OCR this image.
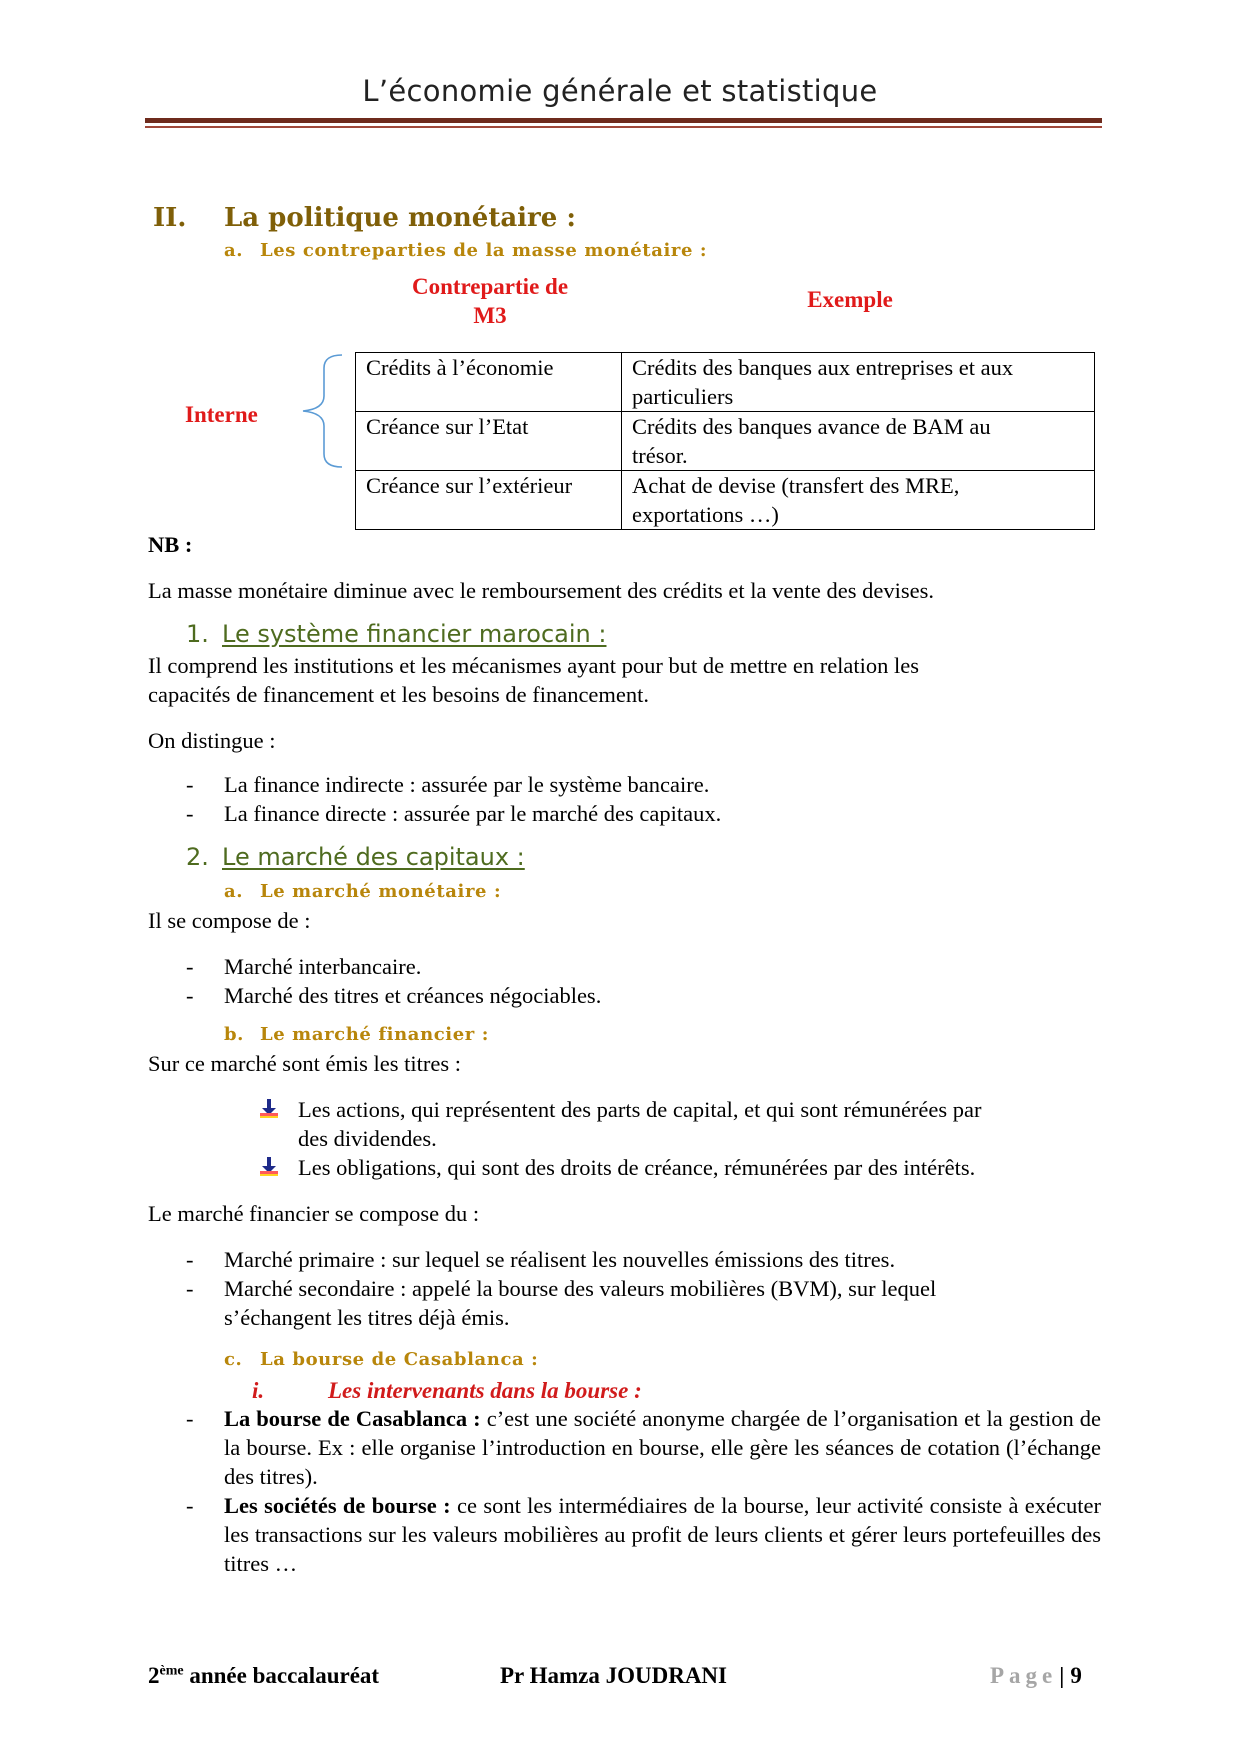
L’économie générale et statistique
II. La politique monétaire :
a. Les contreparties de la masse monétaire :
Contrepartie de
M3
Exemple
Interne
Crédits à l’économie	Crédits des banques aux entreprises et aux
particuliers
Créance sur l’Etat	Crédits des banques avance de BAM au
trésor.
Créance sur l’extérieur	Achat de devise (transfert des MRE,
exportations …)
NB :
La masse monétaire diminue avec le remboursement des crédits et la vente des devises.
1. Le système financier marocain :
Il comprend les institutions et les mécanismes ayant pour but de mettre en relation les
capacités de financement et les besoins de financement.
On distingue :
- La finance indirecte : assurée par le système bancaire.
- La finance directe : assurée par le marché des capitaux.
2. Le marché des capitaux :
a. Le marché monétaire :
Il se compose de :
- Marché interbancaire.
- Marché des titres et créances négociables.
b. Le marché financier :
Sur ce marché sont émis les titres :
Les actions, qui représentent des parts de capital, et qui sont rémunérées par
des dividendes.
Les obligations, qui sont des droits de créance, rémunérées par des intérêts.
Le marché financier se compose du :
- Marché primaire : sur lequel se réalisent les nouvelles émissions des titres.
- Marché secondaire : appelé la bourse des valeurs mobilières (BVM), sur lequel
s’échangent les titres déjà émis.
c. La bourse de Casablanca :
i.	Les intervenants dans la bourse :
- La bourse de Casablanca : c’est une société anonyme chargée de l’organisation et la gestion de la bourse. Ex : elle organise l’introduction en bourse, elle gère les séances de cotation (l’échange des titres).
- Les sociétés de bourse : ce sont les intermédiaires de la bourse, leur activité consiste à exécuter les transactions sur les valeurs mobilières au profit de leurs clients et gérer leurs portefeuilles des titres …
2ème année baccalauréat	Pr Hamza JOUDRANI	Page| 9
